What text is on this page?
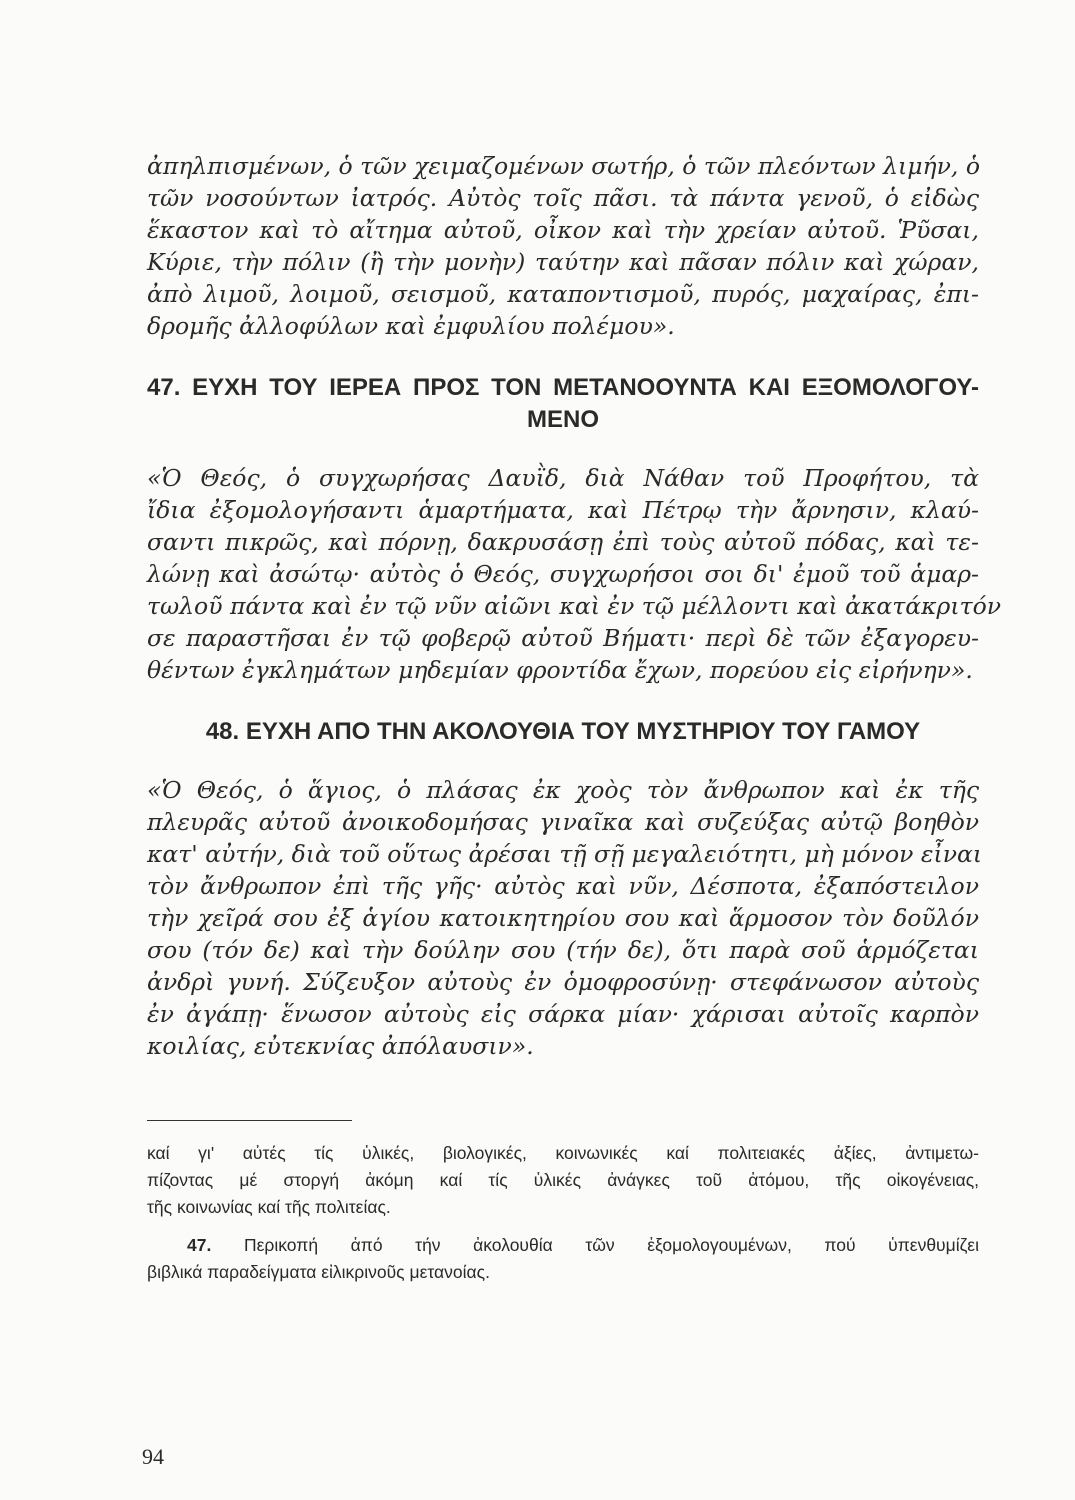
ἀπηλπισμένων, ὁ τῶν χειμαζομένων σωτήρ, ὁ τῶν πλεόντων λιμήν, ὁ
τῶν νοσούντων ἰατρός. Αὐτὸς τοῖς πᾶσι. τὰ πάντα γενοῦ, ὁ εἰδὼς
ἕκαστον καὶ τὸ αἴτημα αὐτοῦ, οἶκον καὶ τὴν χρείαν αὐτοῦ. Ῥῦσαι,
Κύριε, τὴν πόλιν (ἢ τὴν μονὴν) ταύτην καὶ πᾶσαν πόλιν καὶ χώραν,
ἀπὸ λιμοῦ, λοιμοῦ, σεισμοῦ, καταποντισμοῦ, πυρός, μαχαίρας, ἐπι-
δρομῆς ἀλλοφύλων καὶ ἐμφυλίου πολέμου».
47. ΕΥΧΗ ΤΟΥ ΙΕΡΕΑ ΠΡΟΣ ΤΟΝ ΜΕΤΑΝΟΟΥΝΤΑ ΚΑΙ ΕΞΟΜΟΛΟΓΟΥ-
ΜΕΝΟ
«Ὁ Θεός, ὁ συγχωρήσας Δαυῒδ, διὰ Νάθαν τοῦ Προφήτου, τὰ
ἴδια ἐξομολογήσαντι ἁμαρτήματα, καὶ Πέτρῳ τὴν ἄρνησιν, κλαύ-
σαντι πικρῶς, καὶ πόρνῃ, δακρυσάσῃ ἐπὶ τοὺς αὐτοῦ πόδας, καὶ τε-
λώνῃ καὶ ἀσώτῳ· αὐτὸς ὁ Θεός, συγχωρήσοι σοι δι' ἐμοῦ τοῦ ἁμαρ-
τωλοῦ πάντα καὶ ἐν τῷ νῦν αἰῶνι καὶ ἐν τῷ μέλλοντι καὶ ἀκατάκριτόν
σε παραστῆσαι ἐν τῷ φοβερῷ αὐτοῦ Βήματι· περὶ δὲ τῶν ἐξαγορευ-
θέντων ἐγκλημάτων μηδεμίαν φροντίδα ἔχων, πορεύου εἰς εἰρήνην».
48. ΕΥΧΗ ΑΠΟ ΤΗΝ ΑΚΟΛΟΥΘΙΑ ΤΟΥ ΜΥΣΤΗΡΙΟΥ ΤΟΥ ΓΑΜΟΥ
«Ὁ Θεός, ὁ ἅγιος, ὁ πλάσας ἐκ χοὸς τὸν ἄνθρωπον καὶ ἐκ τῆς
πλευρᾶς αὐτοῦ ἀνοικοδομήσας γιναῖκα καὶ συζεύξας αὐτῷ βοηθὸν
κατ' αὐτήν, διὰ τοῦ οὕτως ἀρέσαι τῇ σῇ μεγαλειότητι, μὴ μόνον εἶναι
τὸν ἄνθρωπον ἐπὶ τῆς γῆς· αὐτὸς καὶ νῦν, Δέσποτα, ἐξαπόστειλον
τὴν χεῖρά σου ἐξ ἁγίου κατοικητηρίου σου καὶ ἅρμοσον τὸν δοῦλόν
σου (τόν δε) καὶ τὴν δούλην σου (τήν δε), ὅτι παρὰ σοῦ ἁρμόζεται
ἀνδρὶ γυνή. Σύζευξον αὐτοὺς ἐν ὁμοφροσύνῃ· στεφάνωσον αὐτοὺς
ἐν ἀγάπῃ· ἕνωσον αὐτοὺς εἰς σάρκα μίαν· χάρισαι αὐτοῖς καρπὸν
κοιλίας, εὐτεκνίας ἀπόλαυσιν».
καί γι' αὐτές τίς ὑλικές, βιολογικές, κοινωνικές καί πολιτειακές ἀξίες, ἀντιμετω-
πίζοντας μέ στοργή ἀκόμη καί τίς ὑλικές ἀνάγκες τοῦ ἀτόμου, τῆς οἰκογένειας,
τῆς κοινωνίας καί τῆς πολιτείας.
47. Περικοπή ἀπό τήν ἀκολουθία τῶν ἐξομολογουμένων, πού ὑπενθυμίζει
βιβλικά παραδείγματα εἰλικρινοῦς μετανοίας.
94
